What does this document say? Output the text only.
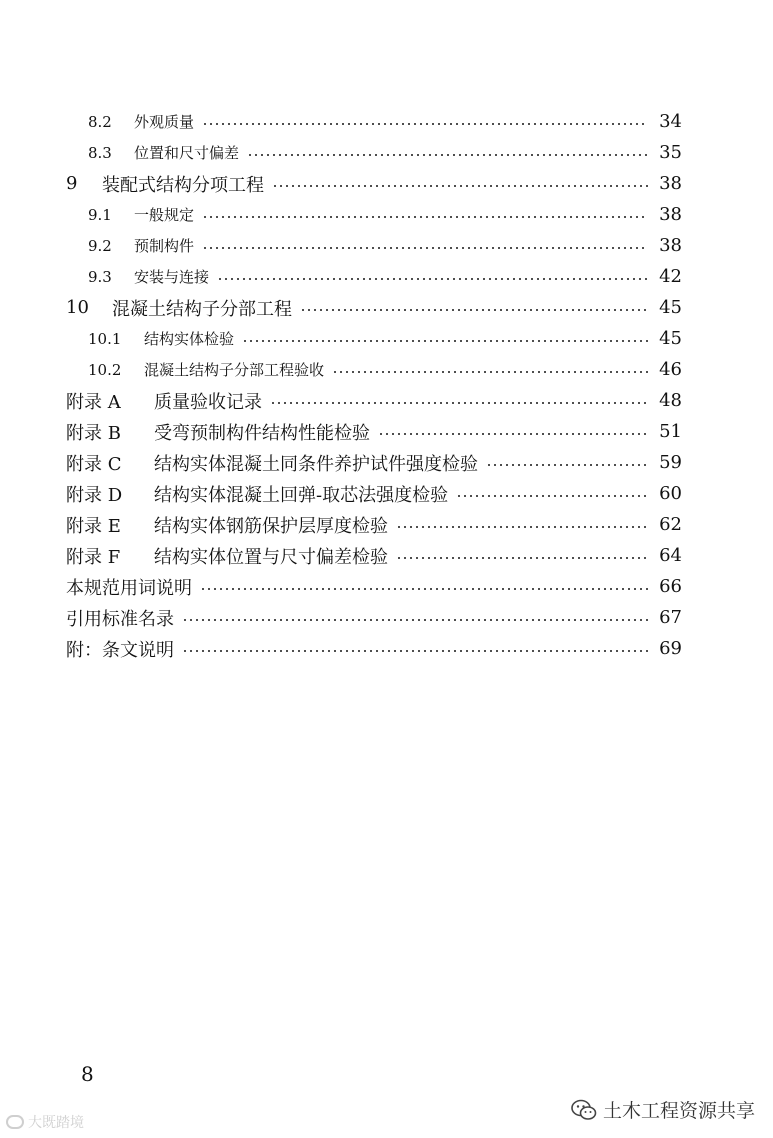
8.2	外观质量	34
8.3	位置和尺寸偏差	35
9	装配式结构分项工程	38
9.1	一般规定	38
9.2	预制构件	38
9.3	安装与连接	42
10	混凝土结构子分部工程	45
10.1	结构实体检验	45
10.2	混凝土结构子分部工程验收	46
附录 A	质量验收记录	48
附录 B	受弯预制构件结构性能检验	51
附录 C	结构实体混凝土同条件养护试件强度检验	59
附录 D	结构实体混凝土回弹-取芯法强度检验	60
附录 E	结构实体钢筋保护层厚度检验	62
附录 F	结构实体位置与尺寸偏差检验	64
本规范用词说明	66
引用标准名录	67
附：条文说明	69
8
大既踏境
土木工程资源共享
